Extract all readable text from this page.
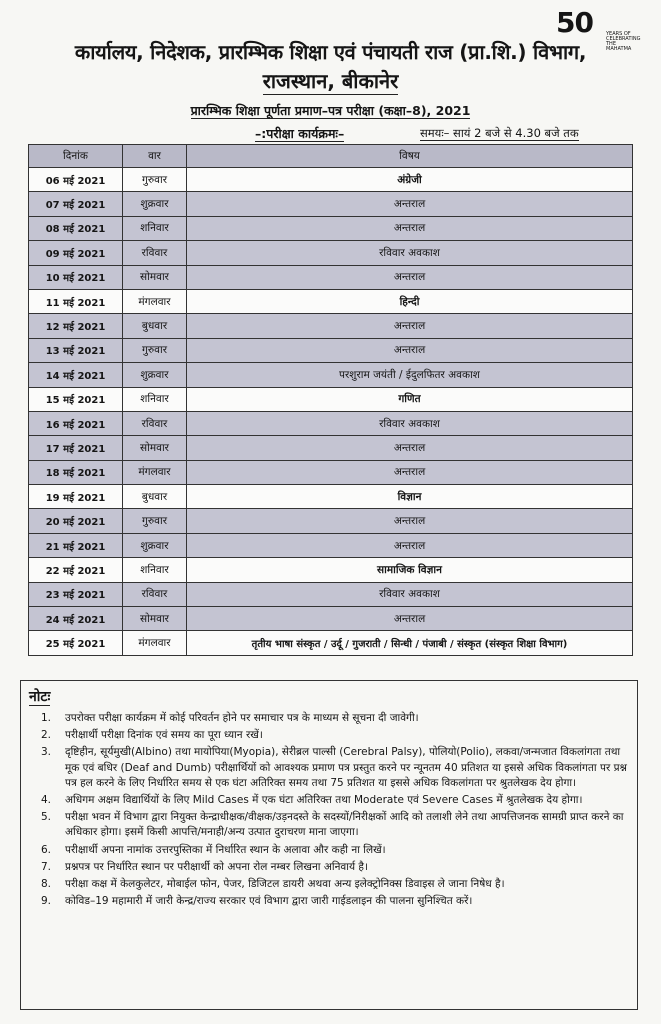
50	YEARS OF CELEBRATING THE MAHATMA
कार्यालय, निदेशक, प्रारम्भिक शिक्षा एवं पंचायती राज (प्रा.शि.) विभाग,
राजस्थान, बीकानेर
प्रारम्भिक शिक्षा पूर्णता प्रमाण–पत्र परीक्षा (कक्षा–8), 2021
–:परीक्षा कार्यक्रमः–	समयः– सायं 2 बजे से 4.30 बजे तक
दिनांक	वार	विषय
06 मई 2021	गुरुवार	अंग्रेजी
07 मई 2021	शुक्रवार	अन्तराल
08 मई 2021	शनिवार	अन्तराल
09 मई 2021	रविवार	रविवार अवकाश
10 मई 2021	सोमवार	अन्तराल
11 मई 2021	मंगलवार	हिन्दी
12 मई 2021	बुधवार	अन्तराल
13 मई 2021	गुरुवार	अन्तराल
14 मई 2021	शुक्रवार	परशुराम जयंती / ईदुलफितर अवकाश
15 मई 2021	शनिवार	गणित
16 मई 2021	रविवार	रविवार अवकाश
17 मई 2021	सोमवार	अन्तराल
18 मई 2021	मंगलवार	अन्तराल
19 मई 2021	बुधवार	विज्ञान
20 मई 2021	गुरुवार	अन्तराल
21 मई 2021	शुक्रवार	अन्तराल
22 मई 2021	शनिवार	सामाजिक विज्ञान
23 मई 2021	रविवार	रविवार अवकाश
24 मई 2021	सोमवार	अन्तराल
25 मई 2021	मंगलवार	तृतीय भाषा संस्कृत / उर्दू / गुजराती / सिन्धी / पंजाबी / संस्कृत (संस्कृत शिक्षा विभाग)
नोटः
1. उपरोक्त परीक्षा कार्यक्रम में कोई परिवर्तन होने पर समाचार पत्र के माध्यम से सूचना दी जावेगी।
2. परीक्षार्थी परीक्षा दिनांक एवं समय का पूरा ध्यान रखें।
3. दृष्टिहीन, सूर्यमुखी(Albino) तथा मायोपिया(Myopia), सेरीब्रल पाल्सी (Cerebral Palsy), पोलियो(Polio), लकवा/जन्मजात विकलांगता तथा मूक एवं बधिर (Deaf and Dumb) परीक्षार्थियों को आवश्यक प्रमाण पत्र प्रस्तुत करने पर न्यूनतम 40 प्रतिशत या इससे अधिक विकलांगता पर प्रश्न पत्र हल करने के लिए निर्धारित समय से एक घंटा अतिरिक्त समय तथा 75 प्रतिशत या इससे अधिक विकलांगता पर श्रुतलेखक देय होगा।
4. अधिगम अक्षम विद्यार्थियों के लिए Mild Cases में एक घंटा अतिरिक्त तथा Moderate एवं Severe Cases में श्रुतलेखक देय होगा।
5. परीक्षा भवन में विभाग द्वारा नियुक्त केन्द्राधीक्षक/वीक्षक/उड़नदस्ते के सदस्यों/निरीक्षकों आदि को तलाशी लेने तथा आपत्तिजनक सामग्री प्राप्त करने का अधिकार होगा। इसमें किसी आपत्ति/मनाही/अन्य उत्पात दुराचरण माना जाएगा।
6. परीक्षार्थी अपना नामांक उत्तरपुस्तिका में निर्धारित स्थान के अलावा और कही ना लिखें।
7. प्रश्नपत्र पर निर्धारित स्थान पर परीक्षार्थी को अपना रोल नम्बर लिखना अनिवार्य है।
8. परीक्षा कक्ष में केलकुलेटर, मोबाईल फोन, पेजर, डिजिटल डायरी अथवा अन्य इलेक्ट्रोनिक्स डिवाइस ले जाना निषेध है।
9. कोविड–19 महामारी में जारी केन्द्र/राज्य सरकार एवं विभाग द्वारा जारी गाईडलाइन की पालना सुनिश्चित करें।
